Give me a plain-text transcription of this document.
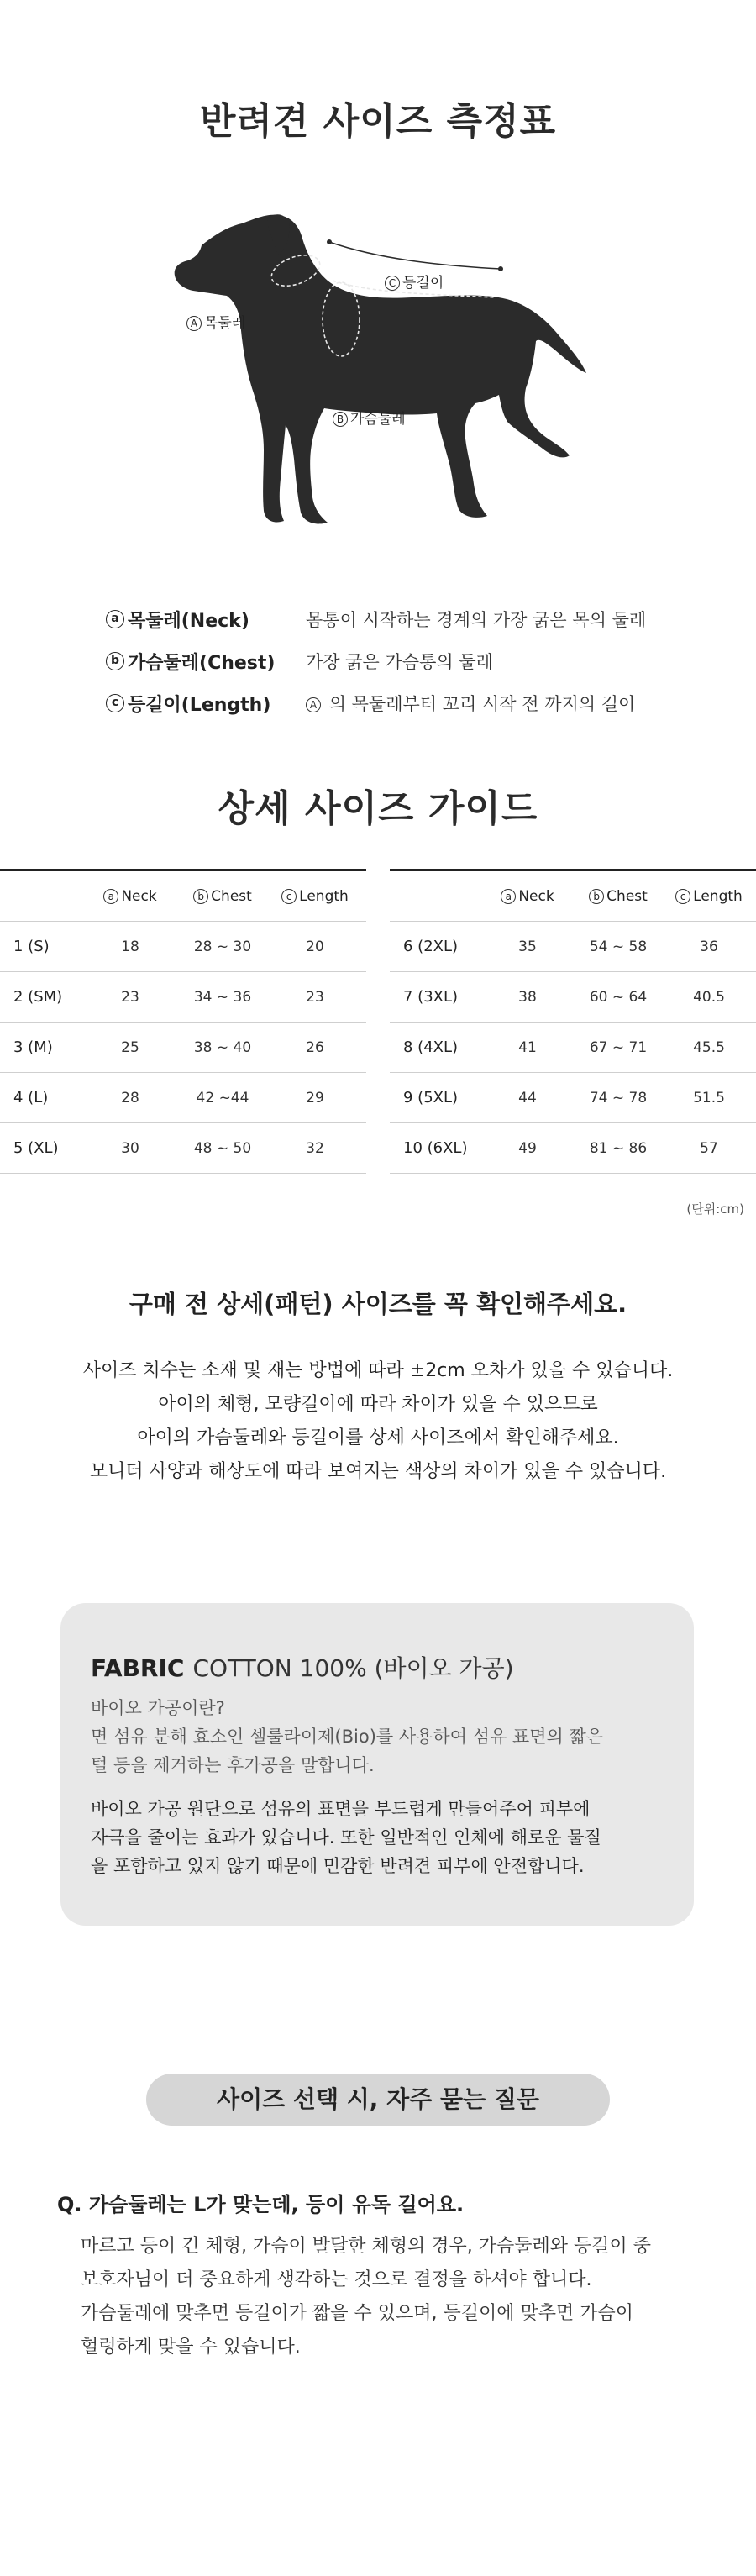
반려견 사이즈 측정표
C 등길이
A 목둘레
B 가슴둘레
a 목둘레(Neck)	몸통이 시작하는 경계의 가장 굵은 목의 둘레
b 가슴둘레(Chest) 가장 굵은 가슴통의 둘레
c 등길이(Length)	A 의 목둘레부터 꼬리 시작 전 까지의 길이
상세 사이즈 가이드
a Neck	b Chest	c Length
1 (S)	18	28 ~ 30	20
2 (SM)	23	34 ~ 36	23
3 (M)	25	38 ~ 40	26
4 (L)	28	42 ~44	29
5 (XL)	30	48 ~ 50	32
a Neck	b Chest	c Length
6 (2XL)	35	54 ~ 58	36
7 (3XL)	38	60 ~ 64	40.5
8 (4XL)	41	67 ~ 71	45.5
9 (5XL)	44	74 ~ 78	51.5
10 (6XL)	49	81 ~ 86	57
(단위:cm)
구매 전 상세(패턴) 사이즈를 꼭 확인해주세요.
사이즈 치수는 소재 및 재는 방법에 따라 ±2cm 오차가 있을 수 있습니다.
아이의 체형, 모량길이에 따라 차이가 있을 수 있으므로
아이의 가슴둘레와 등길이를 상세 사이즈에서 확인해주세요.
모니터 사양과 해상도에 따라 보여지는 색상의 차이가 있을 수 있습니다.
FABRIC COTTON 100% (바이오 가공)
바이오 가공이란?
면 섬유 분해 효소인 셀룰라이제(Bio)를 사용하여 섬유 표면의 짧은
털 등을 제거하는 후가공을 말합니다.
바이오 가공 원단으로 섬유의 표면을 부드럽게 만들어주어 피부에
자극을 줄이는 효과가 있습니다. 또한 일반적인 인체에 해로운 물질
을 포함하고 있지 않기 때문에 민감한 반려견 피부에 안전합니다.
사이즈 선택 시, 자주 묻는 질문
Q. 가슴둘레는 L가 맞는데, 등이 유독 길어요.
마르고 등이 긴 체형, 가슴이 발달한 체형의 경우, 가슴둘레와 등길이 중
보호자님이 더 중요하게 생각하는 것으로 결정을 하셔야 합니다.
가슴둘레에 맞추면 등길이가 짧을 수 있으며, 등길이에 맞추면 가슴이
헐렁하게 맞을 수 있습니다.
